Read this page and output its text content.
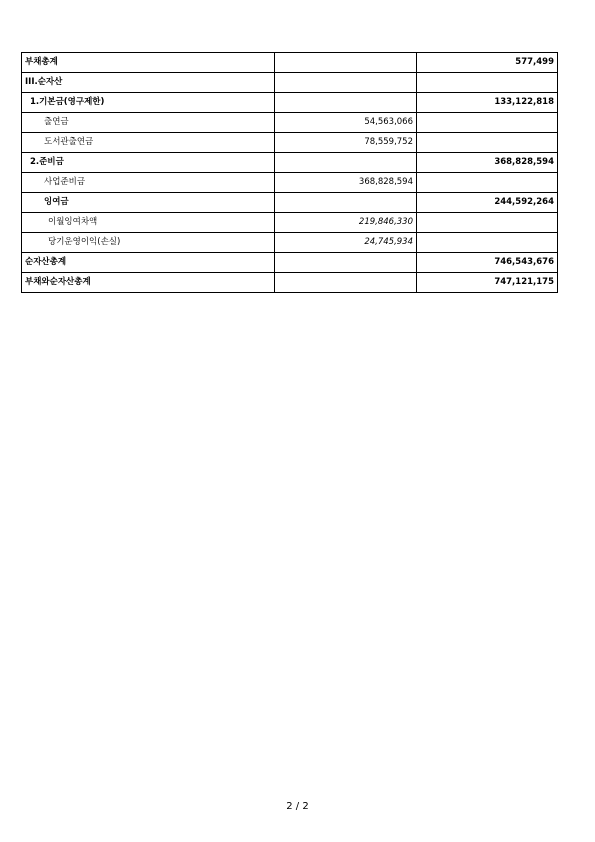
부채총계		577,499
III.순자산		
1.기본금(영구제한)		133,122,818
출연금	54,563,066	
도서관출연금	78,559,752	
2.준비금		368,828,594
사업준비금	368,828,594	
잉여금		244,592,264
이월잉여차액	219,846,330	
당기운영이익(손실)	24,745,934	
순자산총계		746,543,676
부채와순자산총계		747,121,175
2 / 2
